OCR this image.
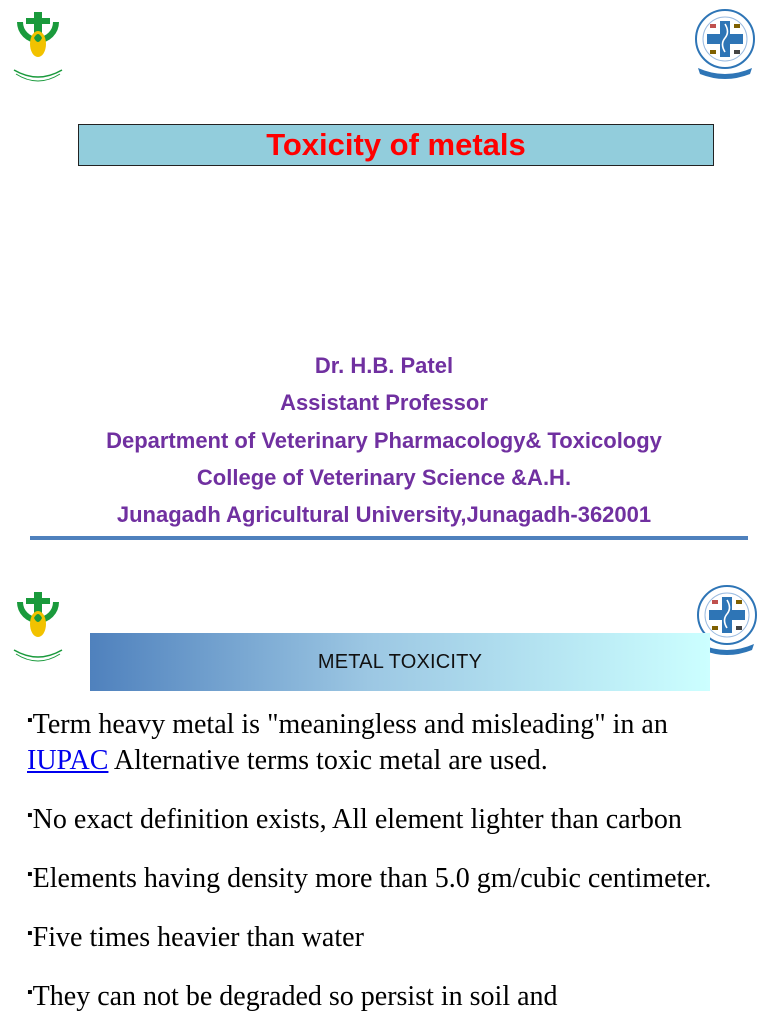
Toxicity of metals
Dr. H.B. Patel
Assistant Professor
Department of Veterinary Pharmacology& Toxicology
College of Veterinary Science &A.H.
Junagadh Agricultural University,Junagadh-362001
METAL TOXICITY
▪Term heavy metal is "meaningless and misleading" in an IUPAC Alternative terms toxic metal are used.
▪No exact definition exists, All element lighter than carbon
▪Elements having density more than 5.0 gm/cubic centimeter.
▪Five times heavier than water
▪They can not be degraded so persist in soil and
